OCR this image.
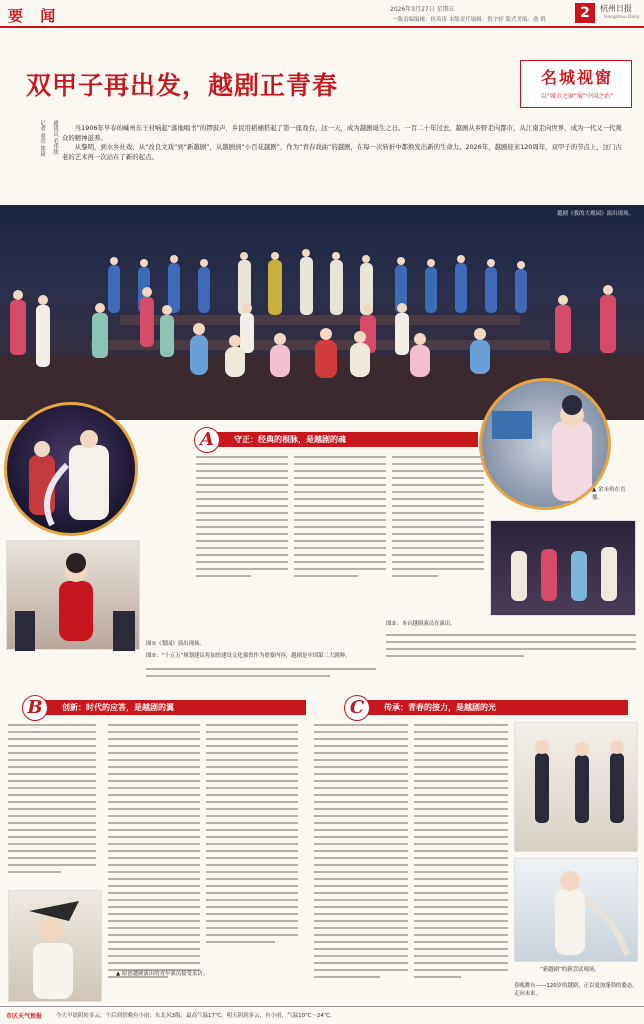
要 闻	2026年3月27日 星期五
一版责编编辑：侯英涛 本版责任编辑：倪宇婷 版式美编：俞 钒	2	杭州日报
Hangzhou Daily
双甲子再出发，越剧正青春	名城视窗
以“城市之窗”展“中国之治”
记者 童萱 郑琦	通讯员 毛伟欣	当1906年早春的嵊州东王村响起“落地唱书”的锣鼓声，乡民用稻桶搭起了第一座戏台，这一天，成为越剧诞生之日。一百二十年过去，越剧从乡野走向都市，从江南走向世界，成为一代又一代观众的精神滋养。

从黎明，到水乡社戏，从“改良文戏”到“新越剧”，从越剧到“小百花越剧”，作为“青春戏曲”的越剧，在每一次转折中都焕发出新的生命力。2026年，越剧迎来120周年，双甲子的节点上，这门古老的艺术再一次站在了新的起点。

越剧《我的大观园》演出现场。
▲ 余未殆在直播。
守正：经典的根脉，是越剧的魂
A
图①《梨园》演出现场。
图①：“十五五”规划建议将加快建设文化强省作为重要内容，越剧是中国第二大剧种。
图②：本台越剧演员在演出。
创新：时代的应答，是越剧的翼
B
▲ 原创越剧演出的青年演员接受采访。
传承：青春的接力，是越剧的光
C
“新越剧”的新尝试现场。
春晚舞台——120岁的越剧，正以更加蓬勃的姿态，走向未来。
市区天气预报	今天早晨阴转多云，午后到傍晚有小雨；东北风3级，最高气温17℃，明天阴到多云，有小雨，气温10℃～24℃。
